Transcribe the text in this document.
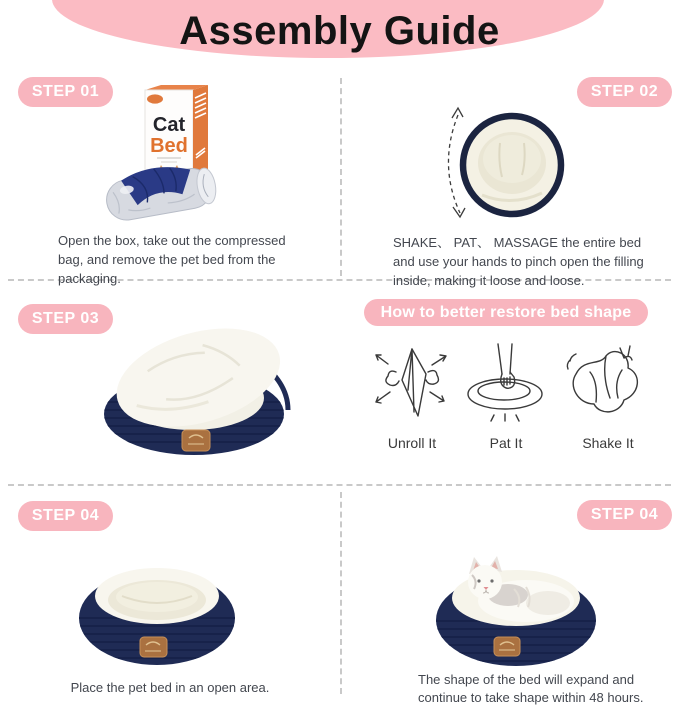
Assembly Guide
STEP 01	STEP 02
STEP 03
STEP 04	STEP 04
Cat
Bed
How to better restore bed shape
Unroll It	Pat It	Shake It
Open the box, take out the compressed bag, and remove the pet bed from the packaging.
SHAKE、 PAT、 MASSAGE the entire bed and use your hands to pinch open the filling inside, making it loose and loose.
Place the pet bed in an open area.
The shape of the bed will expand and continue to take shape within 48 hours.
